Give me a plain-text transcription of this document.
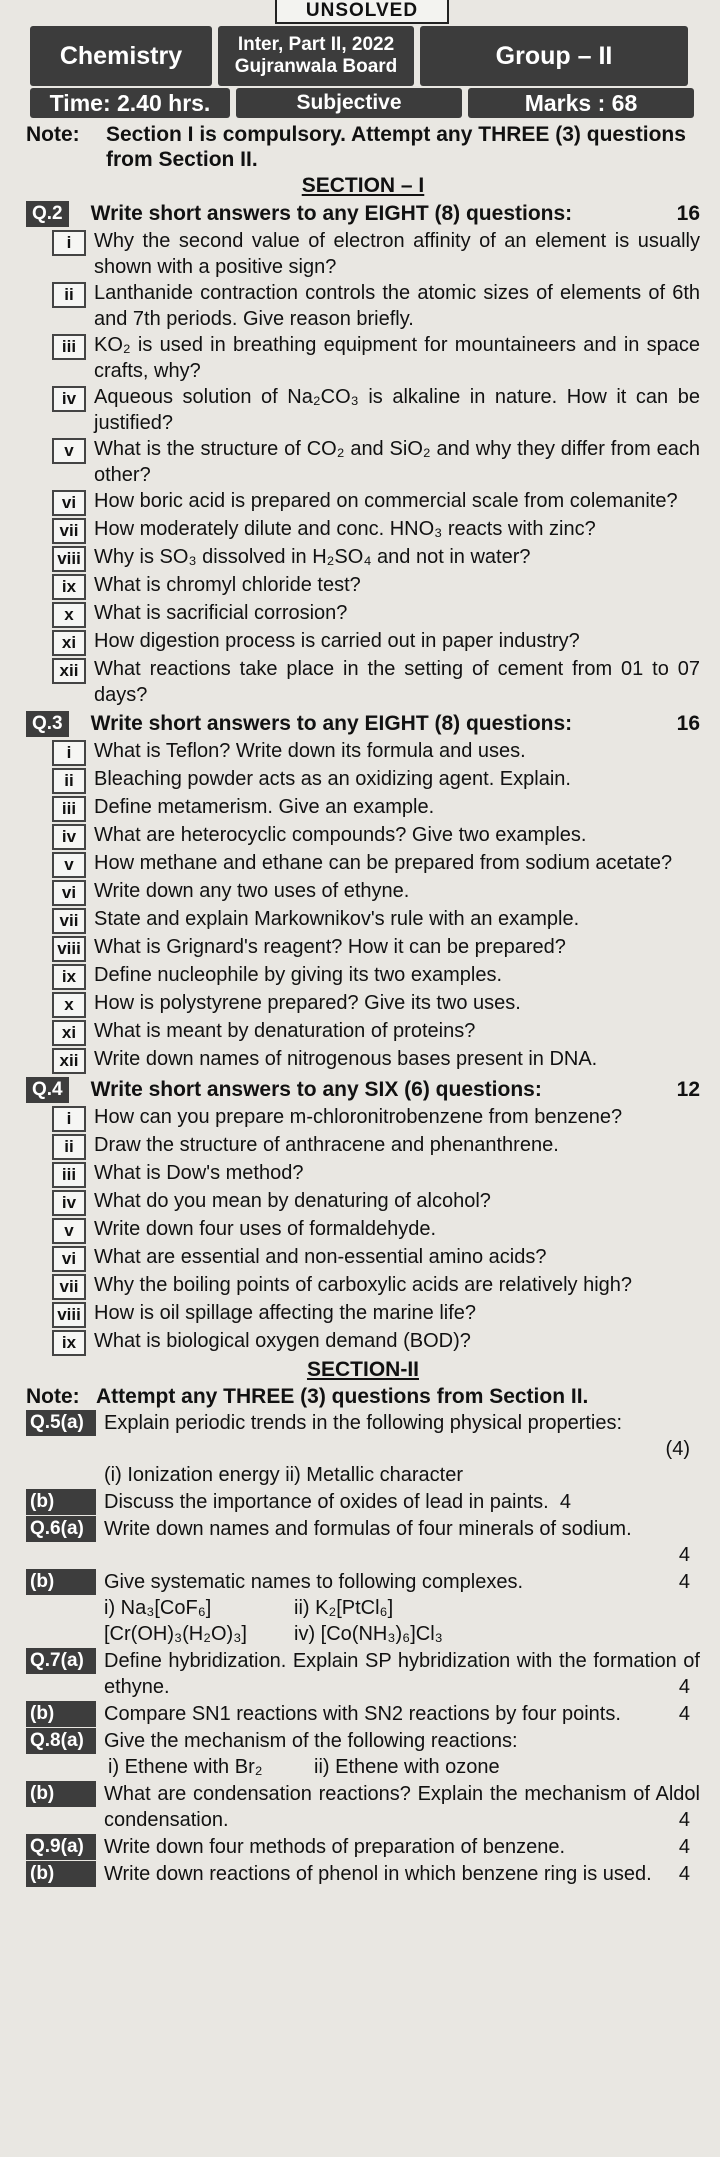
UNSOLVED
Chemistry	Inter, Part II, 2022
Gujranwala Board	Group – II
Time: 2.40 hrs.	Subjective	Marks : 68
Note:	Section I is compulsory. Attempt any THREE (3) questions from Section II.
SECTION – I
Q.2 Write short answers to any EIGHT (8) questions:	16
i	Why the second value of electron affinity of an element is usually shown with a positive sign?
ii	Lanthanide contraction controls the atomic sizes of elements of 6th and 7th periods. Give reason briefly.
iii KO₂ is used in breathing equipment for mountaineers and in space crafts, why?
iv Aqueous solution of Na₂CO₃ is alkaline in nature. How it can be justified?
v	What is the structure of CO₂ and SiO₂ and why they differ from each other?
vi How boric acid is prepared on commercial scale from colemanite?
vii How moderately dilute and conc. HNO₃ reacts with zinc?
viii Why is SO₃ dissolved in H₂SO₄ and not in water?
ix What is chromyl chloride test?
x	What is sacrificial corrosion?
xi How digestion process is carried out in paper industry?
xii What reactions take place in the setting of cement from 01 to 07 days?
Q.3 Write short answers to any EIGHT (8) questions:	16
i	What is Teflon? Write down its formula and uses.
ii	Bleaching powder acts as an oxidizing agent. Explain.
iii Define metamerism. Give an example.
iv What are heterocyclic compounds? Give two examples.
v	How methane and ethane can be prepared from sodium acetate?
vi Write down any two uses of ethyne.
vii State and explain Markownikov's rule with an example.
viii What is Grignard's reagent? How it can be prepared?
ix Define nucleophile by giving its two examples.
x	How is polystyrene prepared? Give its two uses.
xi What is meant by denaturation of proteins?
xii Write down names of nitrogenous bases present in DNA.
Q.4 Write short answers to any SIX (6) questions:	12
i	How can you prepare m-chloronitrobenzene from benzene?
ii	Draw the structure of anthracene and phenanthrene.
iii What is Dow's method?
iv What do you mean by denaturing of alcohol?
v	Write down four uses of formaldehyde.
vi What are essential and non-essential amino acids?
vii Why the boiling points of carboxylic acids are relatively high?
viii How is oil spillage affecting the marine life?
ix What is biological oxygen demand (BOD)?
SECTION-II
Note: Attempt any THREE (3) questions from Section II.
Q.5(a)	Explain periodic trends in the following physical properties:
(4)
(i) Ionization energy ii) Metallic character
(b)	Discuss the importance of oxides of lead in paints. 4
Q.6(a)	Write down names and formulas of four minerals of sodium.
4
(b)	Give systematic names to following complexes.	4
i) Na₃[CoF₆]	ii) K₂[PtCl₆]
[Cr(OH)₃(H₂O)₃]	iv) [Co(NH₃)₆]Cl₃
Q.7(a)	Define hybridization. Explain SP hybridization with the formation of ethyne.	4
(b)	Compare SN1 reactions with SN2 reactions by four points.	4
Q.8(a)	Give the mechanism of the following reactions:
i) Ethene with Br₂	ii) Ethene with ozone
(b)	What are condensation reactions? Explain the mechanism of Aldol condensation.	4
Q.9(a)	Write down four methods of preparation of benzene.	4
(b)	Write down reactions of phenol in which benzene ring is used.	4
